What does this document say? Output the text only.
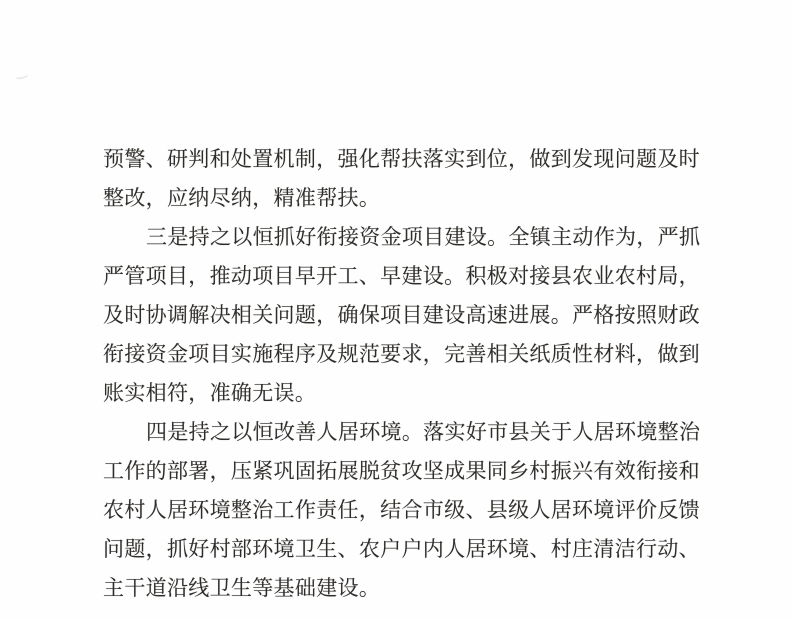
预警、研判和处置机制，强化帮扶落实到位，做到发现问题及时
整改，应纳尽纳，精准帮扶。
三是持之以恒抓好衔接资金项目建设。全镇主动作为，严抓
严管项目，推动项目早开工、早建设。积极对接县农业农村局，
及时协调解决相关问题，确保项目建设高速进展。严格按照财政
衔接资金项目实施程序及规范要求，完善相关纸质性材料，做到
账实相符，准确无误。
四是持之以恒改善人居环境。落实好市县关于人居环境整治
工作的部署，压紧巩固拓展脱贫攻坚成果同乡村振兴有效衔接和
农村人居环境整治工作责任，结合市级、县级人居环境评价反馈
问题，抓好村部环境卫生、农户户内人居环境、村庄清洁行动、
主干道沿线卫生等基础建设。
